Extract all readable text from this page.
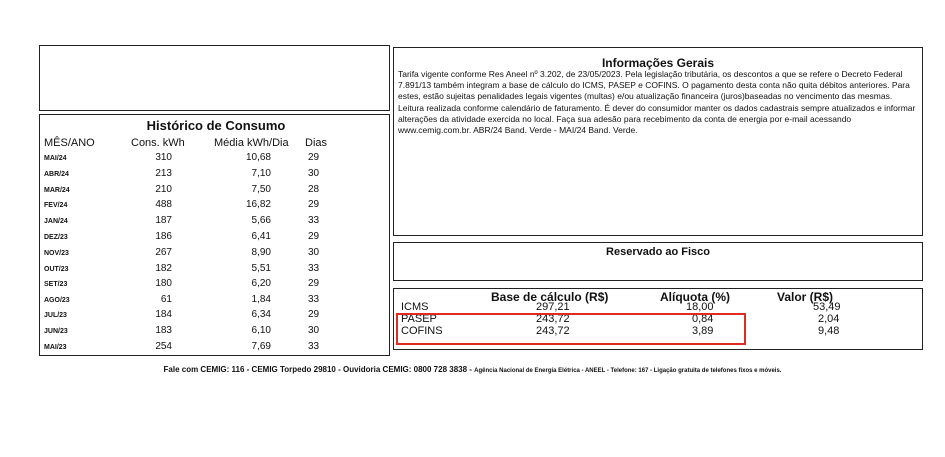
Histórico de Consumo
MÊS/ANO	Cons. kWh	Média kWh/Dia Dias
MAI/24	310	10,68	29
ABR/24	213	7,10	30
MAR/24	210	7,50	28
FEV/24	488	16,82	29
JAN/24	187	5,66	33
DEZ/23	186	6,41	29
NOV/23	267	8,90	30
OUT/23	182	5,51	33
SET/23	180	6,20	29
AGO/23	61	1,84	33
JUL/23	184	6,34	29
JUN/23	183	6,10	30
MAI/23	254	7,69	33
Informações Gerais
Tarifa vigente conforme Res Aneel nº 3.202, de 23/05/2023. Pela legislação tributária, os descontos a que se refere o Decreto Federal 7.891/13 também integram a base de cálculo do ICMS, PASEP e COFINS. O pagamento desta conta não quita débitos anteriores. Para estes, estão sujeitas penalidades legais vigentes (multas) e/ou atualização financeira (juros)baseadas no vencimento das mesmas. Leitura realizada conforme calendário de faturamento. É dever do consumidor manter os dados cadastrais sempre atualizados e informar alterações da atividade exercida no local. Faça sua adesão para recebimento da conta de energia por e-mail acessando www.cemig.com.br. ABR/24 Band. Verde - MAI/24 Band. Verde.
Reservado ao Fisco
Base de cálculo (R$)	Alíquota (%)	Valor (R$)
ICMS	297,21	18,00	53,49
PASEP	243,72	0,84	2,04
COFINS	243,72	3,89	9,48
Fale com CEMIG: 116 - CEMIG Torpedo 29810 - Ouvidoria CEMIG: 0800 728 3838 - Agência Nacional de Energia Elétrica - ANEEL - Telefone: 167 - Ligação gratuita de telefones fixos e móveis.
